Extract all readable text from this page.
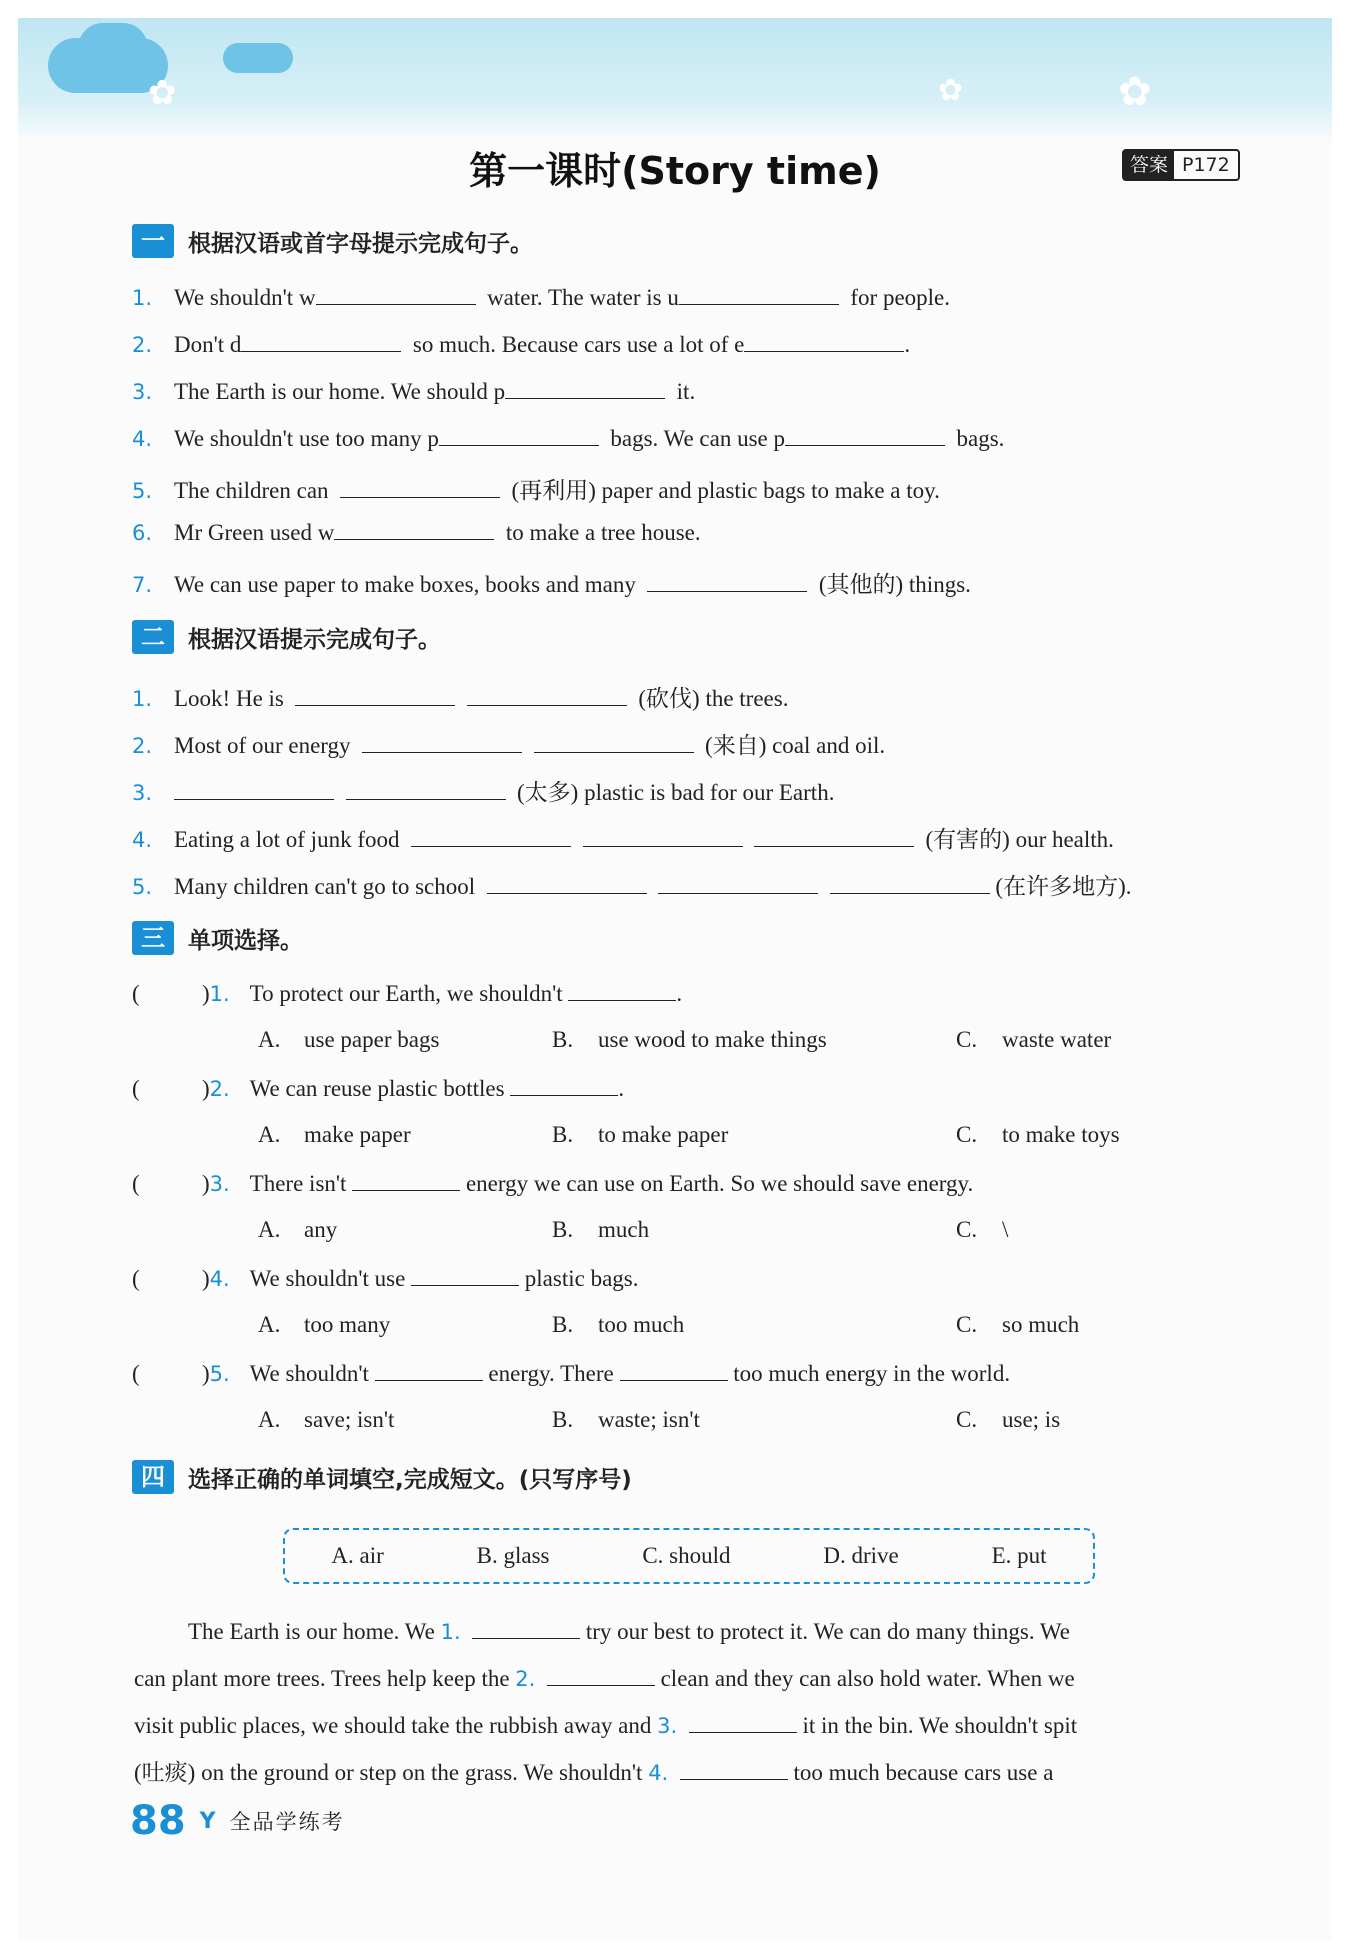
✿	✿
✿
第一课时(Story time)	答案 P172
一	根据汉语或首字母提示完成句子。
1. We shouldn't w	water. The water is u	for people.
2. Don't d	so much. Because cars use a lot of e	.
3. The Earth is our home. We should p	it.
4. We shouldn't use too many p	bags. We can use p	bags.
5. The children can	(再利用) paper and plastic bags to make a toy.
6. Mr Green used w	to make a tree house.
7. We can use paper to make boxes, books and many	(其他的) things.
二	根据汉语提示完成句子。
1. Look! He is	(砍伐) the trees.
2. Most of our energy	(来自) coal and oil.
3.	(太多) plastic is bad for our Earth.
4. Eating a lot of junk food	(有害的) our health.
5. Many children can't go to school	(在许多地方).
三	单项选择。
(	)1. To protect our Earth, we shouldn't	.
A. use paper bags	B. use wood to make things	C. waste water
(	)2. We can reuse plastic bottles	.
A. make paper	B. to make paper	C. to make toys
(	)3. There isn't	energy we can use on Earth. So we should save energy.
A. any	B. much	C. \
(	)4. We shouldn't use	plastic bags.
A. too many	B. too much	C. so much
(	)5. We shouldn't	energy. There	too much energy in the world.
A. save; isn't	B. waste; isn't	C. use; is
四	选择正确的单词填空,完成短文。(只写序号)
A. air	B. glass	C. should	D. drive	E. put
The Earth is our home. We 1.	try our best to protect it. We can do many things. We
can plant more trees. Trees help keep the 2.	clean and they can also hold water. When we
visit public places, we should take the rubbish away and 3.	it in the bin. We shouldn't spit
(吐痰) on the ground or step on the grass. We shouldn't 4.	too much because cars use a
88 Y 全品学练考
